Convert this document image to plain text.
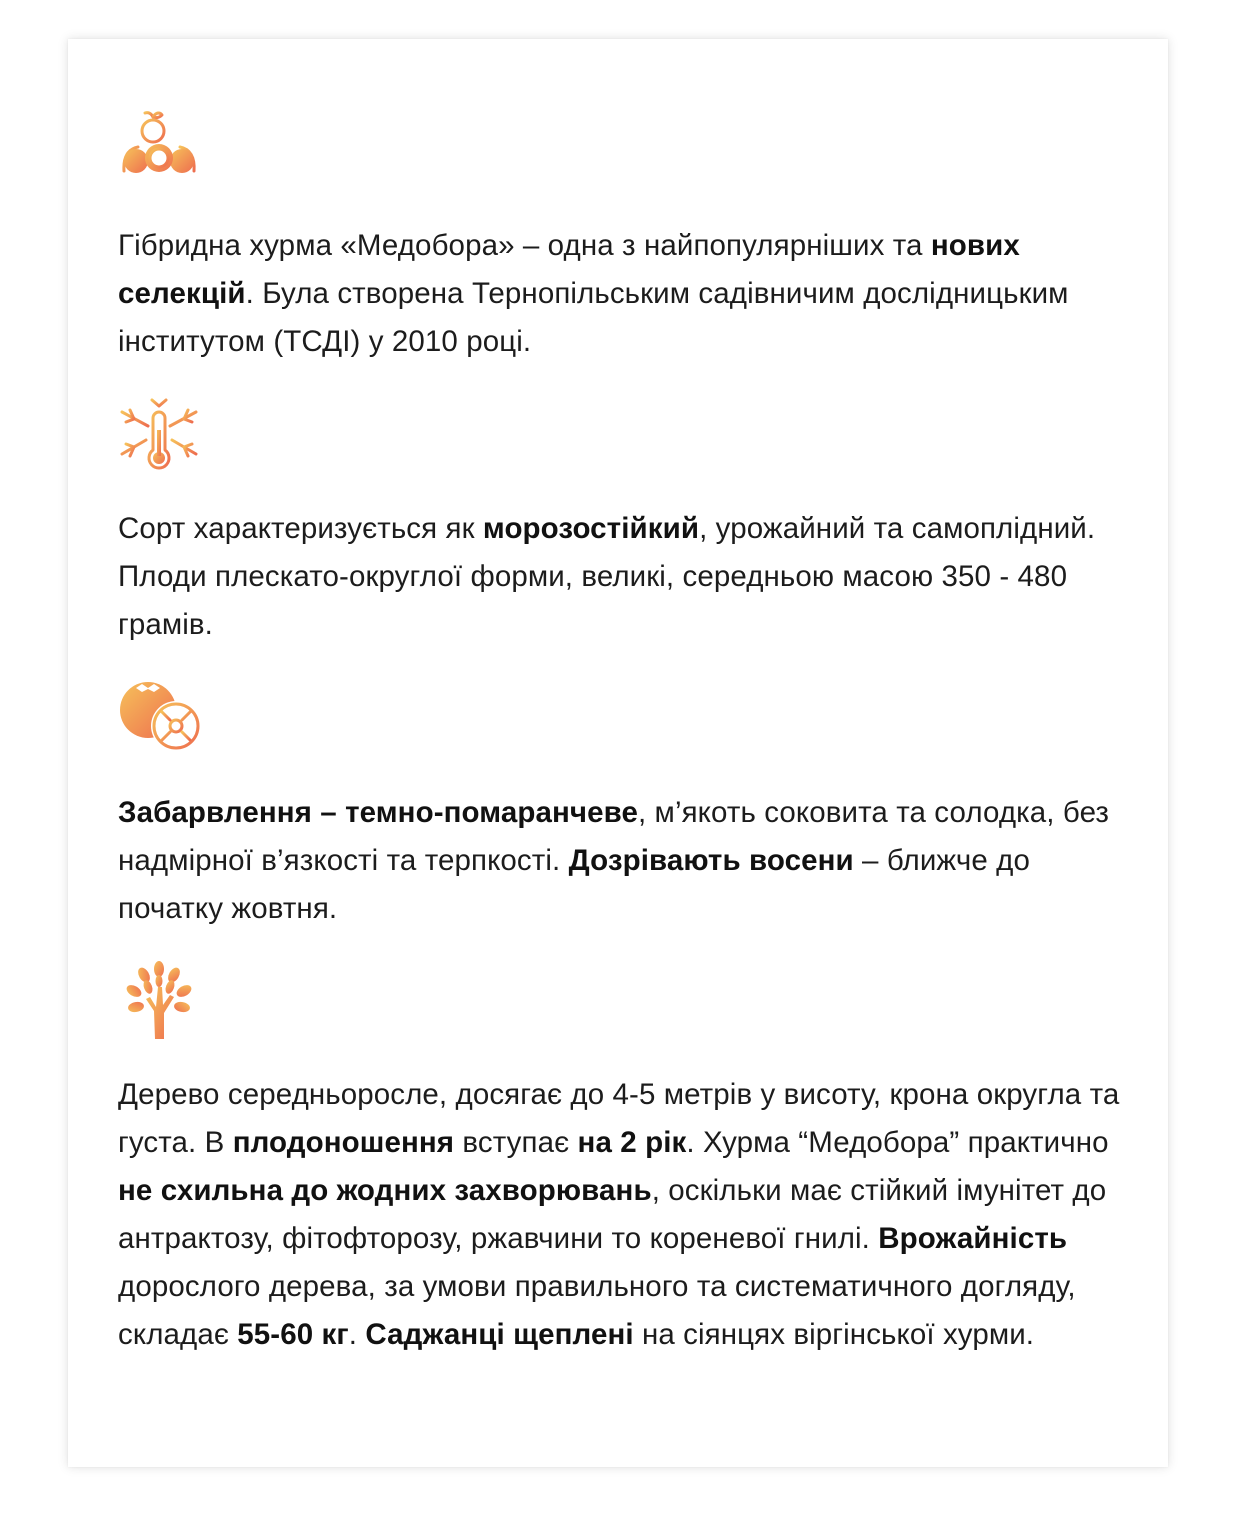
Гібридна хурма «Медобора» – одна з найпопулярніших та нових селекцій. Була створена Тернопільським садівничим дослідницьким інститутом (ТСДІ) у 2010 році.

Сорт характеризується як морозостійкий, урожайний та самоплідний. Плоди плескато-округлої форми, великі, середньою масою 350 - 480 грамів.

Забарвлення – темно-помаранчеве, м’якоть соковита та солодка, без надмірної в’язкості та терпкості. Дозрівають восени – ближче до початку жовтня.

Дерево середньоросле, досягає до 4-5 метрів у висоту, крона округла та густа. В плодоношення вступає на 2 рік. Хурма “Медобора” практично не схильна до жодних захворювань, оскільки має стійкий імунітет до антрактозу, фітофторозу, ржавчини то кореневої гнилі. Врожайність дорослого дерева, за умови правильного та систематичного догляду, складає 55-60 кг. Саджанці щеплені на сіянцях віргінської хурми.
